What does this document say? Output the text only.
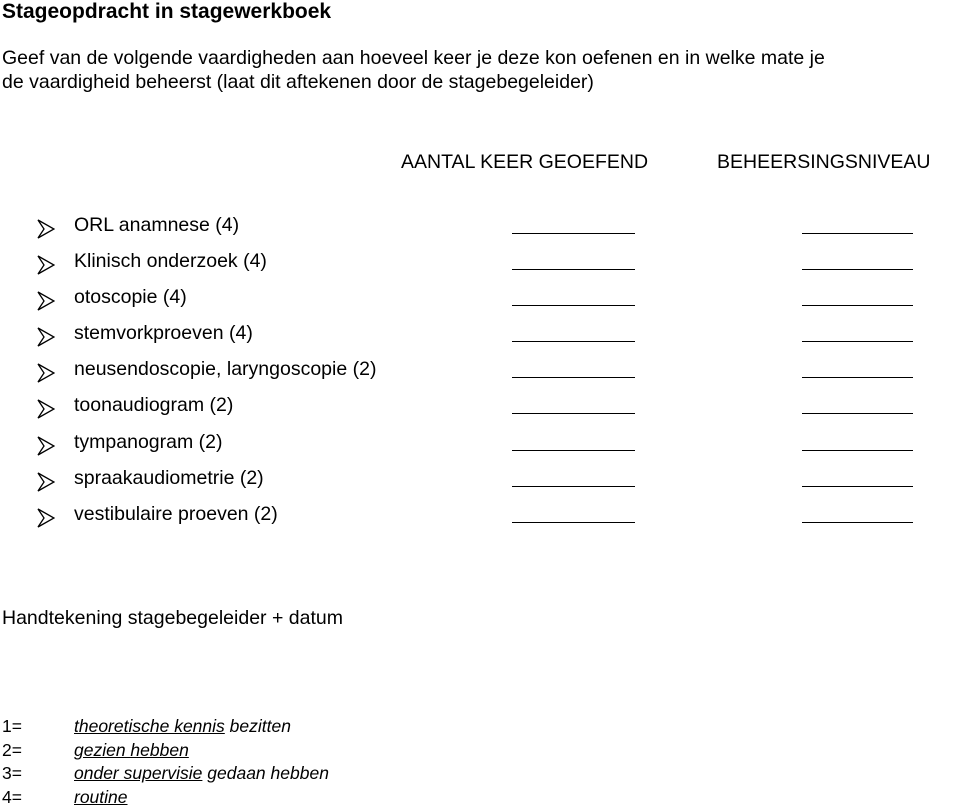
Stageopdracht in stagewerkboek
Geef van de volgende vaardigheden aan hoeveel keer je deze kon oefenen en in welke mate je
de vaardigheid beheerst (laat dit aftekenen door de stagebegeleider)
AANTAL KEER GEOEFEND	BEHEERSINGSNIVEAU
ORL anamnese (4)
Klinisch onderzoek (4)
otoscopie (4)
stemvorkproeven (4)
neusendoscopie, laryngoscopie (2)
toonaudiogram (2)
tympanogram (2)
spraakaudiometrie (2)
vestibulaire proeven (2)
Handtekening stagebegeleider + datum
1=	theoretische kennis bezitten
2=	gezien hebben
3=	onder supervisie gedaan hebben
4=	routine
